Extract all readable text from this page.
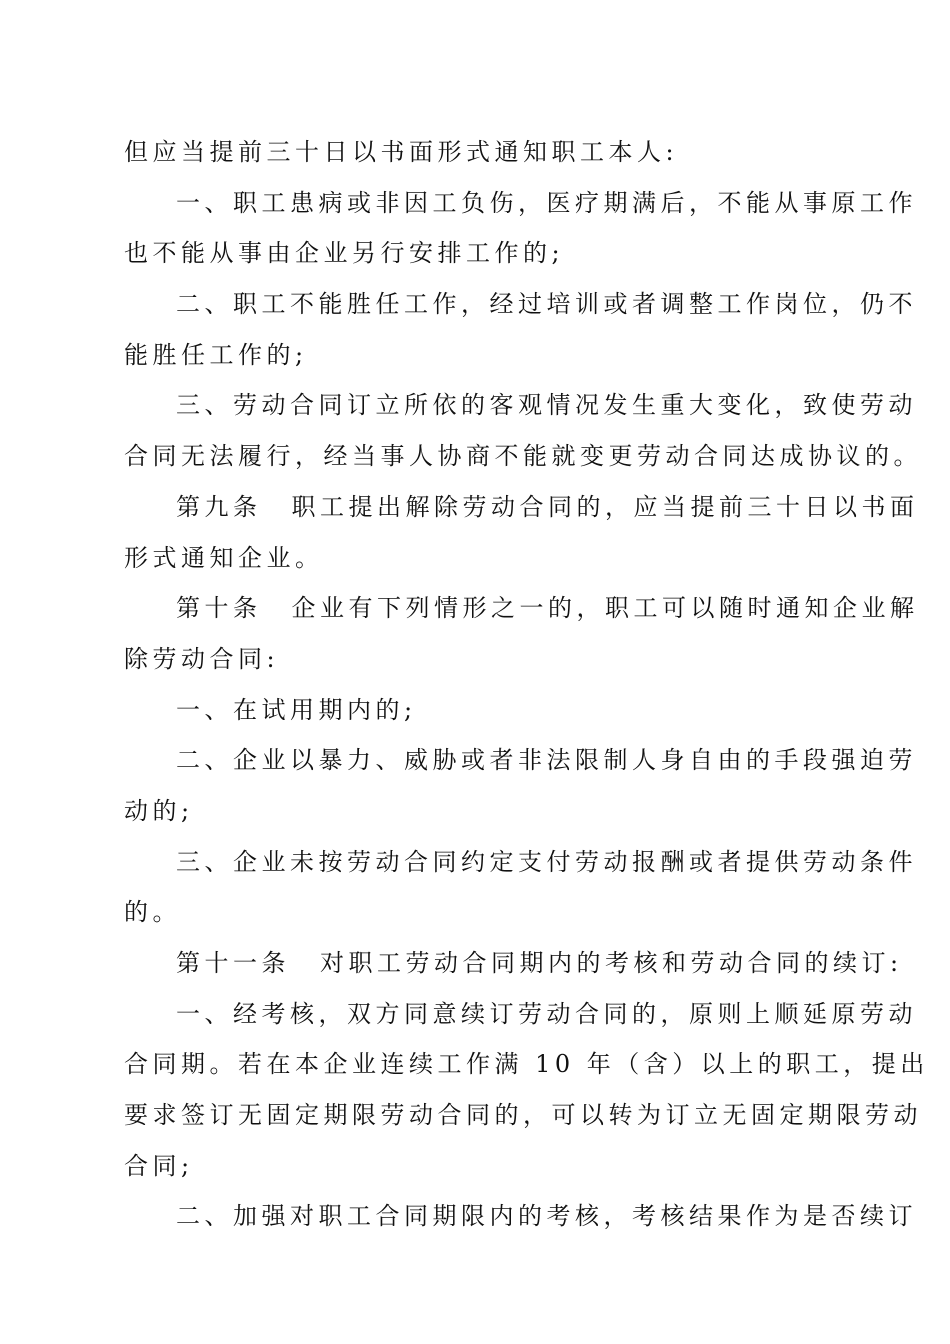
但应当提前三十日以书面形式通知职工本人:
一、职工患病或非因工负伤，医疗期满后，不能从事原工作
也不能从事由企业另行安排工作的;
二、职工不能胜任工作，经过培训或者调整工作岗位，仍不
能胜任工作的;
三、劳动合同订立所依的客观情况发生重大变化，致使劳动
合同无法履行，经当事人协商不能就变更劳动合同达成协议的。
第九条 职工提出解除劳动合同的，应当提前三十日以书面
形式通知企业。
第十条 企业有下列情形之一的，职工可以随时通知企业解
除劳动合同:
一、在试用期内的;
二、企业以暴力、威胁或者非法限制人身自由的手段强迫劳
动的;
三、企业未按劳动合同约定支付劳动报酬或者提供劳动条件
的。
第十一条 对职工劳动合同期内的考核和劳动合同的续订:
一、经考核，双方同意续订劳动合同的，原则上顺延原劳动
合同期。若在本企业连续工作满 10 年（含）以上的职工，提出
要求签订无固定期限劳动合同的，可以转为订立无固定期限劳动
合同;
二、加强对职工合同期限内的考核，考核结果作为是否续订
